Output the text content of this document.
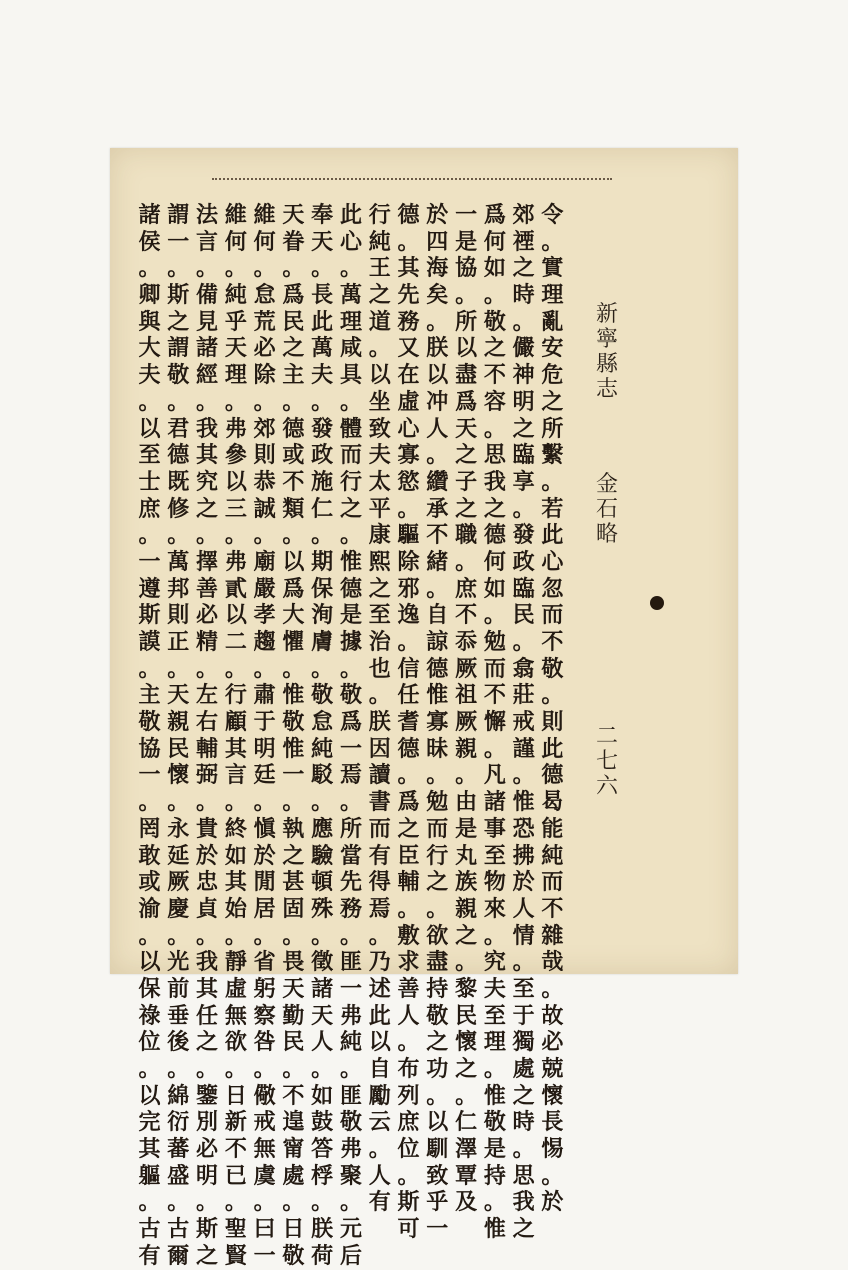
新
寧
縣
志
金
石
略
二
七
六
令
。
實
理
亂
安
危
之
所
繫
。
若
此
心
忽
而
不
敬
。
則
此
德
曷
能
純
而
不
雜
哉
。
故
必
兢
懷
長
惕
。
於
郊
禋
之
時
。
儼
神
明
之
臨
享
。
發
政
臨
民
。
翕
莊
戒
謹
。
惟
恐
拂
於
人
情
。
至
于
獨
處
之
時
。
思
我
之
爲
何
如
。
敬
之
不
容
。
思
我
之
德
何
如
。
勉
而
不
懈
。
凡
諸
事
至
物
來
。
究
夫
至
理
。
惟
敬
是
持
。
惟
一
是
協
。
所
以
盡
爲
天
之
子
之
職
。
庶
不
忝
厥
祖
厥
親
。
由
是
丸
族
親
之
。
黎
民
懷
之
。
仁
澤
覃
及
於
四
海
矣
。
朕
以
冲
人
。
纘
承
不
緒
。
自
諒
德
惟
寡
昧
。
勉
而
行
之
。
欲
盡
持
敬
之
功
。
以
馴
致
乎
一
德
。
其
先
務
又
在
虛
心
寡
慾
。
驅
除
邪
逸
。
信
任
耆
德
。
爲
之
臣
輔
。
敷
求
善
人
。
布
列
庶
位
。
斯
可
行
純
王
之
道
。
以
坐
致
夫
太
平
康
熙
之
至
治
也
。
朕
因
讀
書
而
有
得
焉
。
乃
述
此
以
自
勵
云
。
人
有
此
心
。
萬
理
咸
具
。
體
而
行
之
。
惟
德
是
據
。
敬
爲
一
焉
。
所
當
先
務
。
匪
一
弗
純
。
匪
敬
弗
聚
。
元
后
奉
天
。
長
此
萬
夫
。
發
政
施
仁
。
期
保
洵
膚
。
敬
怠
純
駁
。
應
驗
頓
殊
。
徵
諸
天
人
。
如
鼓
答
桴
。
朕
荷
天
眷
。
爲
民
之
主
。
德
或
不
類
。
以
爲
大
懼
。
惟
敬
惟
一
。
執
之
甚
固
。
畏
天
勤
民
。
不
遑
甯
處
。
日
敬
維
何
。
怠
荒
必
除
。
郊
則
恭
誠
。
廟
嚴
孝
趨
。
肅
于
明
廷
。
愼
於
閒
居
。
省
躬
察
咎
。
儆
戒
無
虞
。
曰
一
維
何
。
純
乎
天
理
。
弗
參
以
三
。
弗
貳
以
二
。
行
顧
其
言
。
終
如
其
始
。
靜
虛
無
欲
。
日
新
不
已
。
聖
賢
法
言
。
備
見
諸
經
。
我
其
究
之
。
擇
善
必
精
。
左
右
輔
弼
。
貴
於
忠
貞
。
我
其
任
之
。
鑒
別
必
明
。
斯
之
謂
一
。
斯
之
謂
敬
。
君
德
既
修
。
萬
邦
則
正
。
天
親
民
懷
。
永
延
厥
慶
。
光
前
垂
後
。
綿
衍
蕃
盛
。
古
爾
諸
侯
。
卿
與
大
夫
。
以
至
士
庶
。
一
遵
斯
謨
。
主
敬
協
一
。
罔
敢
或
渝
。
以
保
祿
位
。
以
完
其
軀
。
古
有
